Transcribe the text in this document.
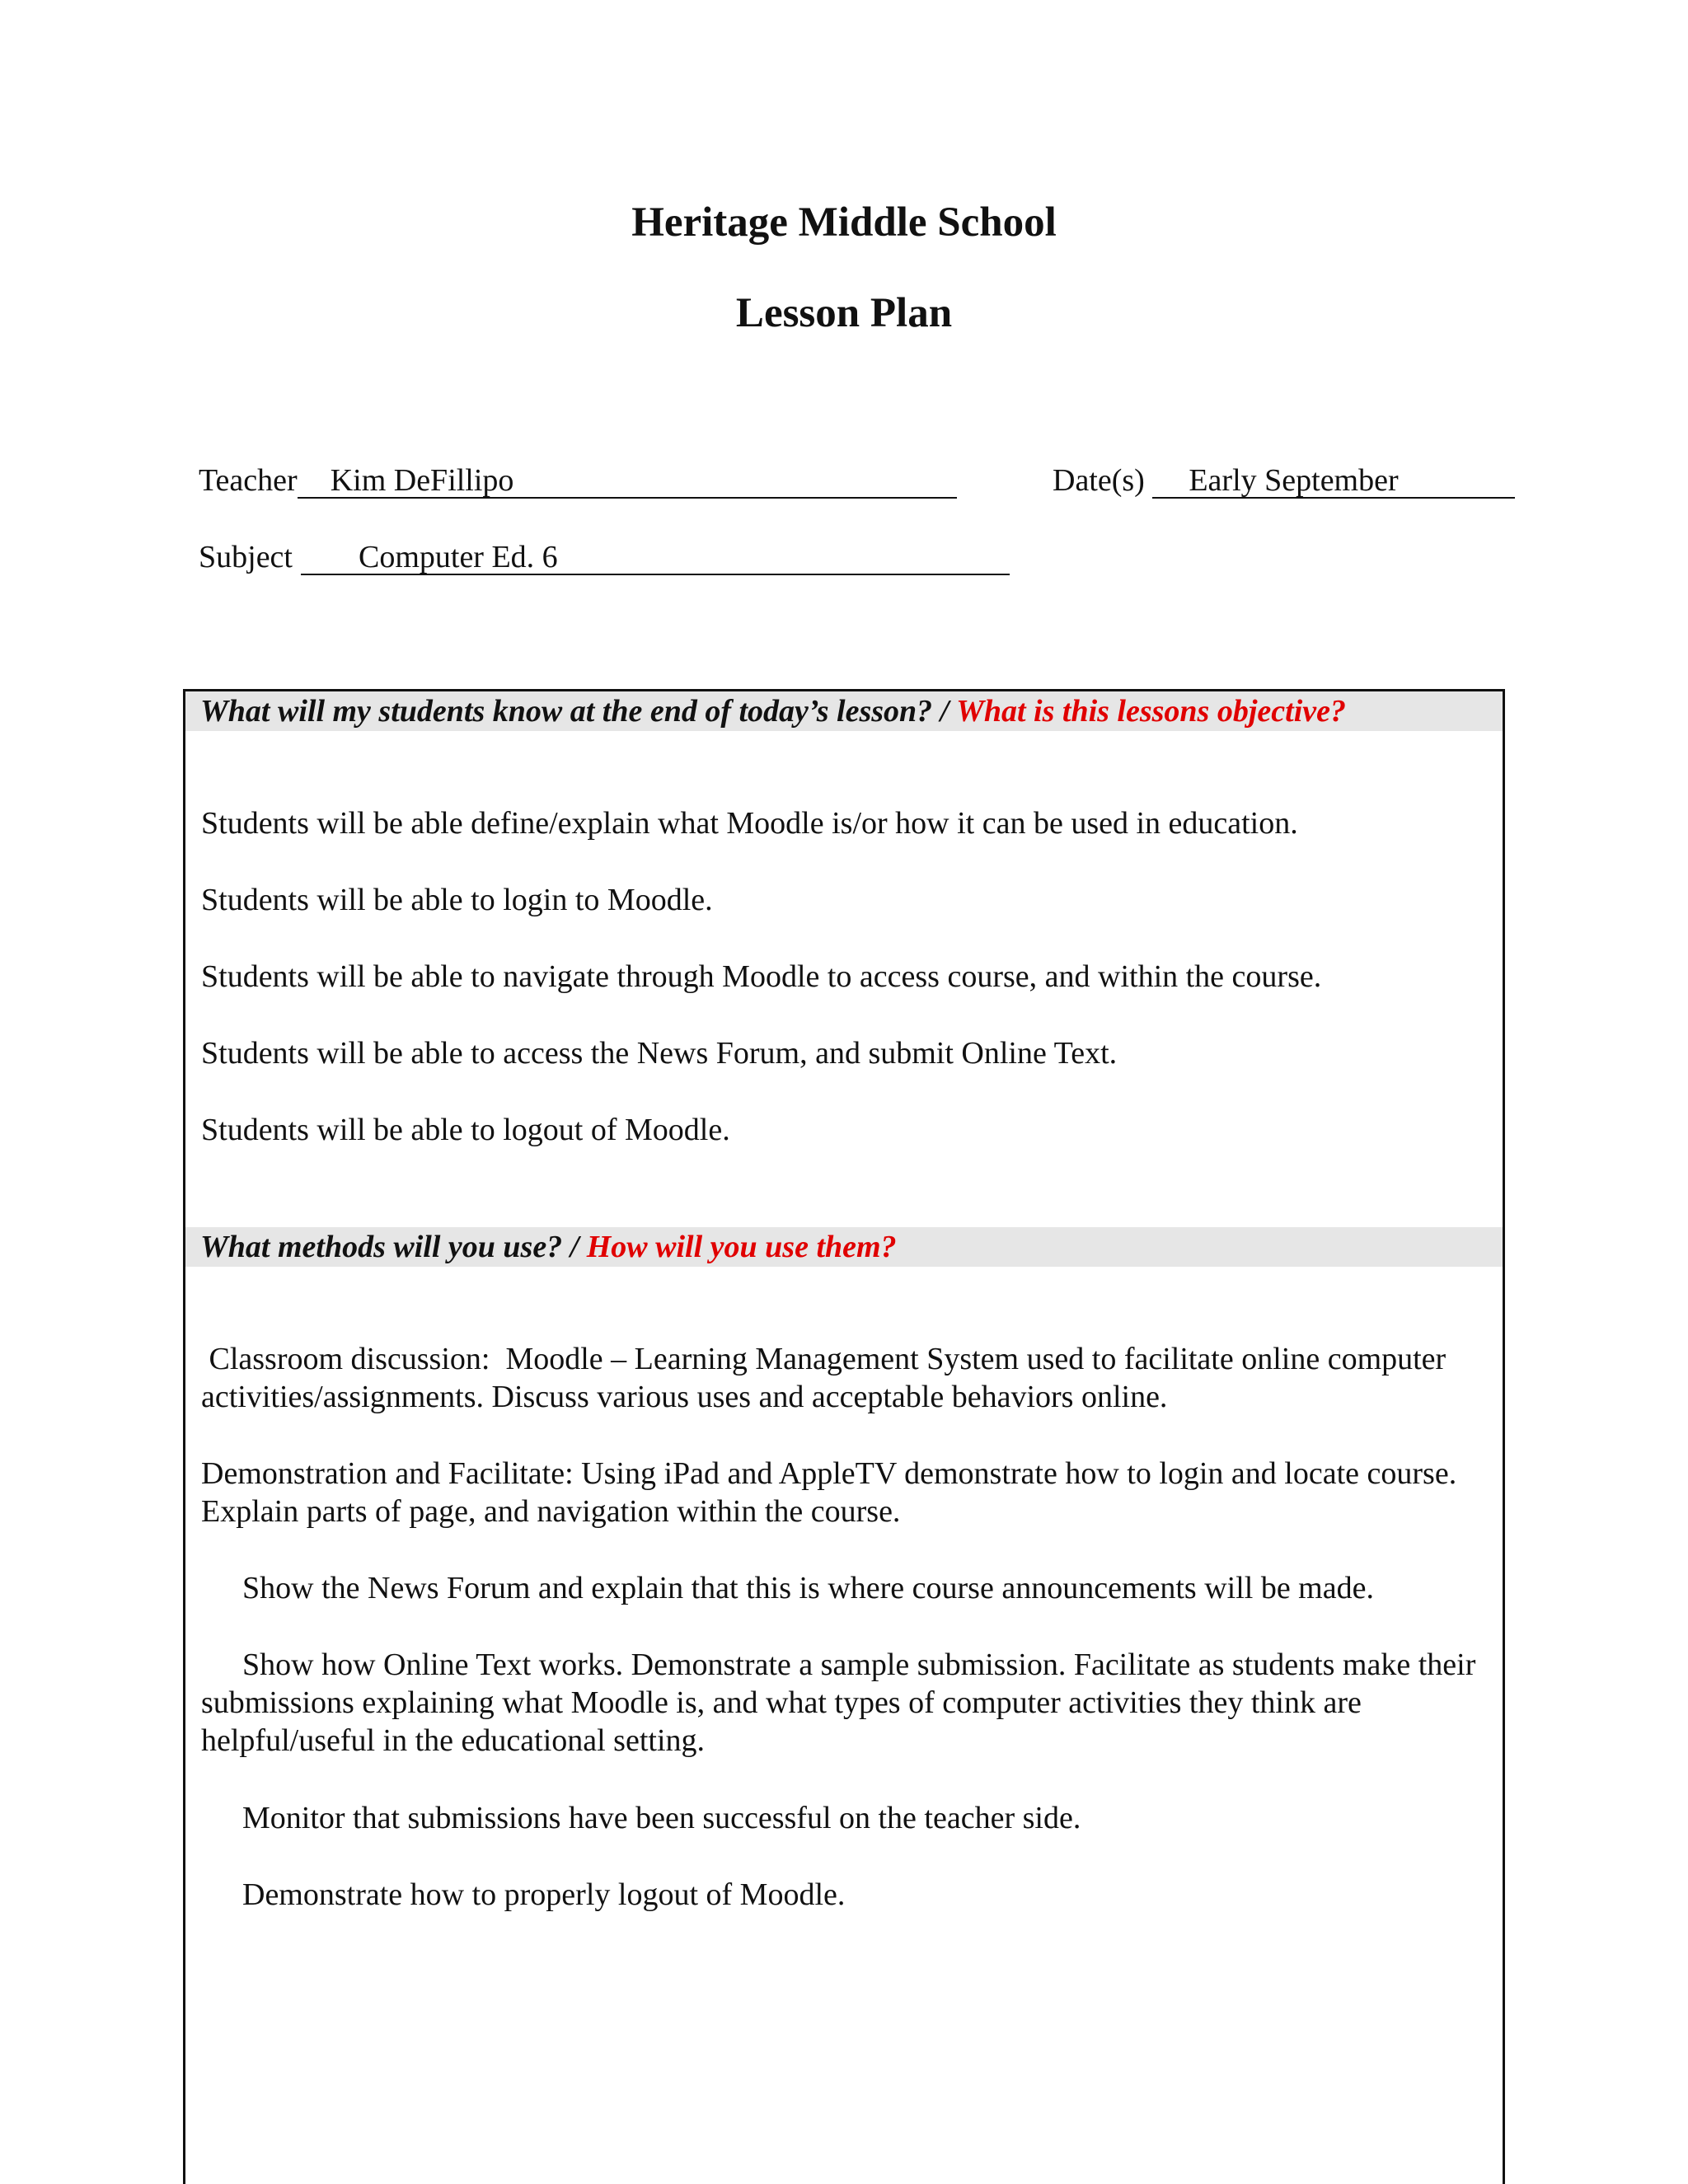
Heritage Middle School
Lesson Plan
Teacher Kim DeFillipo	Date(s) Early September
Subject Computer Ed. 6
What will my students know at the end of today’s lesson? / What is this lessons objective?

Students will be able define/explain what Moodle is/or how it can be used in education.

Students will be able to login to Moodle.

Students will be able to navigate through Moodle to access course, and within the course.

Students will be able to access the News Forum, and submit Online Text.

Students will be able to logout of Moodle.

What methods will you use? / How will you use them?

Classroom discussion:  Moodle – Learning Management System used to facilitate online computer activities/assignments. Discuss various uses and acceptable behaviors online.

Demonstration and Facilitate: Using iPad and AppleTV demonstrate how to login and locate course. Explain parts of page, and navigation within the course.

Show the News Forum and explain that this is where course announcements will be made.

Show how Online Text works. Demonstrate a sample submission. Facilitate as students make their submissions explaining what Moodle is, and what types of computer activities they think are helpful/useful in the educational setting.

Monitor that submissions have been successful on the teacher side.

Demonstrate how to properly logout of Moodle.
